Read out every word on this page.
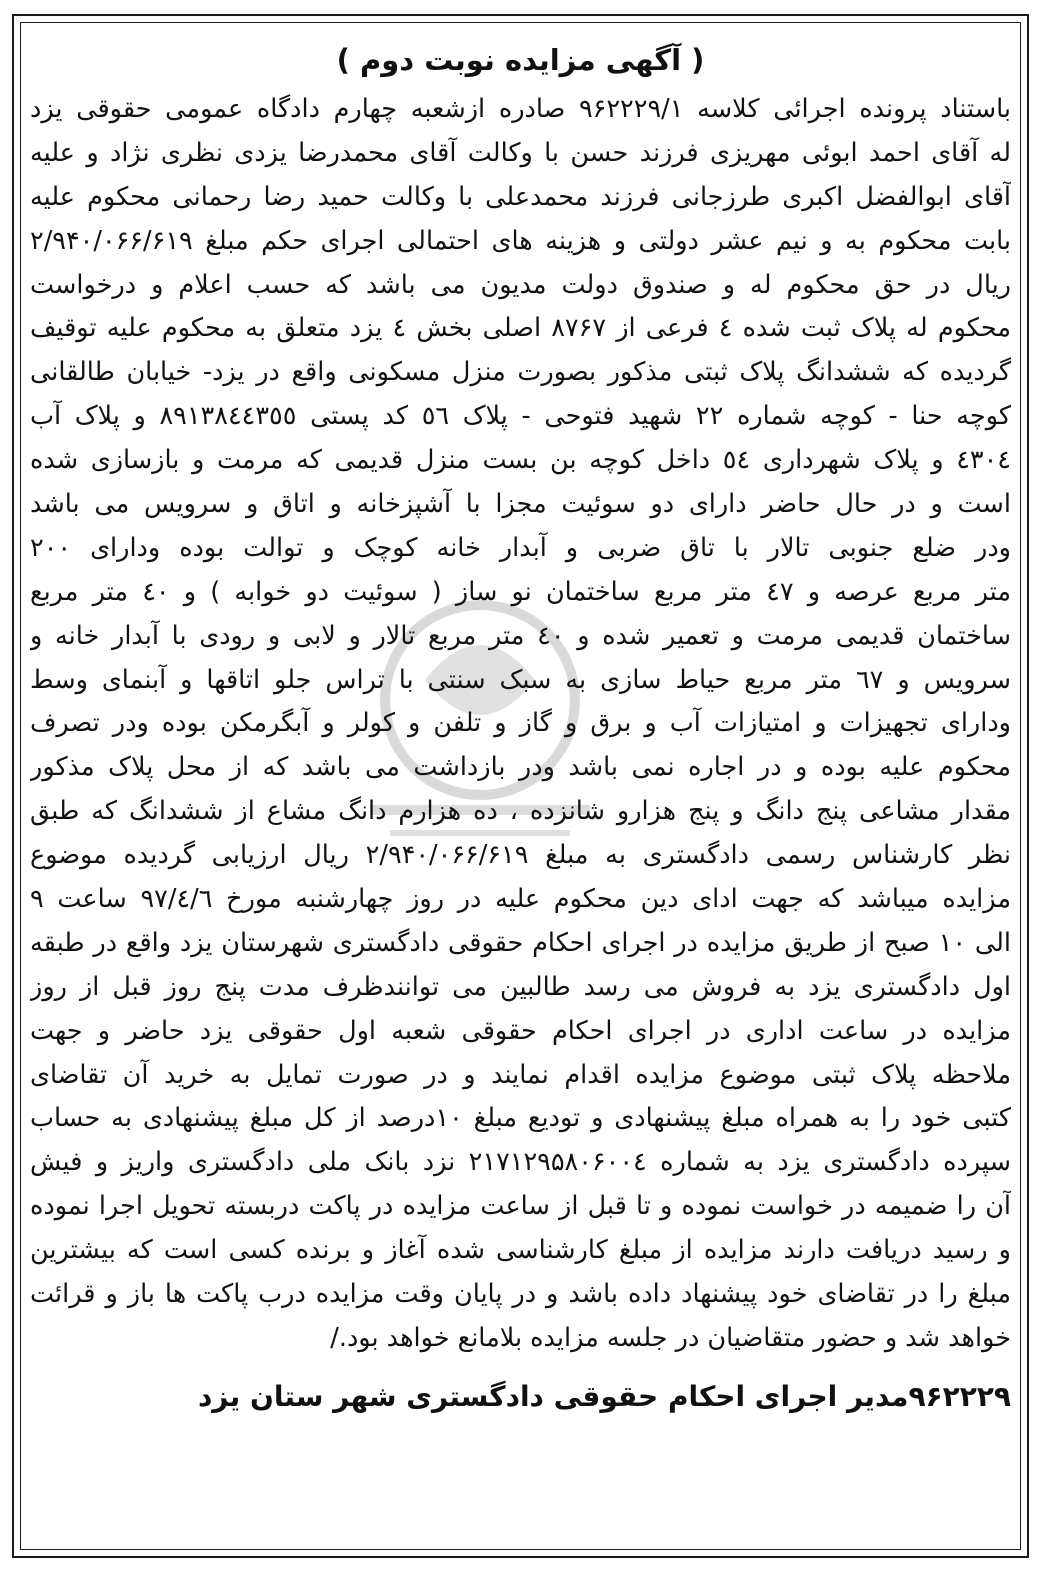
( آگهی مزایده نوبت دوم )
باستناد پرونده اجرائی کلاسه ۹۶۲۲۲۹/۱ صادره ازشعبه چهارم دادگاه عمومی حقوقی یزد
له آقای احمد ابوئی مهریزی فرزند حسن با وکالت آقای محمدرضا یزدی نظری نژاد و علیه
آقای ابوالفضل اکبری طرزجانی فرزند محمدعلی با وکالت حمید رضا رحمانی محکوم علیه
بابت محکوم به و نیم عشر دولتی و هزینه های احتمالی اجرای حکم مبلغ ۲/۹۴۰/۰۶۶/۶۱۹
ریال در حق محکوم له و صندوق دولت مدیون می باشد که حسب اعلام و درخواست
محکوم له پلاک ثبت شده ٤ فرعی از ۸۷۶۷ اصلی بخش ٤ یزد متعلق به محکوم علیه توقیف
گردیده که ششدانگ پلاک ثبتی مذکور بصورت منزل مسکونی واقع در یزد- خیابان طالقانی
کوچه حنا - کوچه شماره ۲۲ شهید فتوحی - پلاک ٥٦ کد پستی ۸۹۱۳۸٤٤۳٥٥ و پلاک آب
٤۳۰٤ و پلاک شهرداری ٥٤ داخل کوچه بن بست منزل قدیمی که مرمت و بازسازی شده
است و در حال حاضر دارای دو سوئیت مجزا با آشپزخانه و اتاق و سرویس می باشد
ودر ضلع جنوبی تالار با تاق ضربی و آبدار خانه کوچک و توالت بوده ودارای ۲۰۰
متر مربع عرصه و ٤۷ متر مربع ساختمان نو ساز ( سوئیت دو خوابه ) و ٤۰ متر مربع
ساختمان قدیمی مرمت و تعمیر شده و ٤۰ متر مربع تالار و لابی و رودی با آبدار خانه و
سرویس و ٦۷ متر مربع حیاط سازی به سبک سنتی با تراس جلو اتاقها و آبنمای وسط
ودارای تجهیزات و امتیازات آب و برق و گاز و تلفن و کولر و آبگرمکن بوده ودر تصرف
محکوم علیه بوده و در اجاره نمی باشد ودر بازداشت می باشد که از محل پلاک مذکور
مقدار مشاعی پنج دانگ و پنج هزارو شانزده ، ده هزارم دانگ مشاع از ششدانگ که طبق
نظر کارشناس رسمی دادگستری به مبلغ ۲/۹۴۰/۰۶۶/۶۱۹ ریال ارزیابی گردیده موضوع
مزایده میباشد که جهت ادای دین محکوم علیه در روز چهارشنبه مورخ ۹۷/٤/٦ ساعت ۹
الی ۱۰ صبح از طریق مزایده در اجرای احکام حقوقی دادگستری شهرستان یزد واقع در طبقه
اول دادگستری یزد به فروش می رسد طالبین می توانندظرف مدت پنج روز قبل از روز
مزایده در ساعت اداری در اجرای احکام حقوقی شعبه اول حقوقی یزد حاضر و جهت
ملاحظه پلاک ثبتی موضوع مزایده اقدام نمایند و در صورت تمایل به خرید آن تقاضای
کتبی خود را به همراه مبلغ پیشنهادی و تودیع مبلغ ۱۰درصد از کل مبلغ پیشنهادی به حساب
سپرده دادگستری یزد به شماره ۲۱۷۱۲۹۵۸۰۶۰۰٤ نزد بانک ملی دادگستری واریز و فیش
آن را ضمیمه در خواست نموده و تا قبل از ساعت مزایده در پاکت دربسته تحویل اجرا نموده
و رسید دریافت دارند مزایده از مبلغ کارشناسی شده آغاز و برنده کسی است که بیشترین
مبلغ را در تقاضای خود پیشنهاد داده باشد و در پایان وقت مزایده درب پاکت ها باز و قرائت
خواهد شد و حضور متقاضیان در جلسه مزایده بلامانع خواهد بود./
۹۶۲۲۲۹مدیر اجرای احکام حقوقی دادگستری شهر ستان یزد
